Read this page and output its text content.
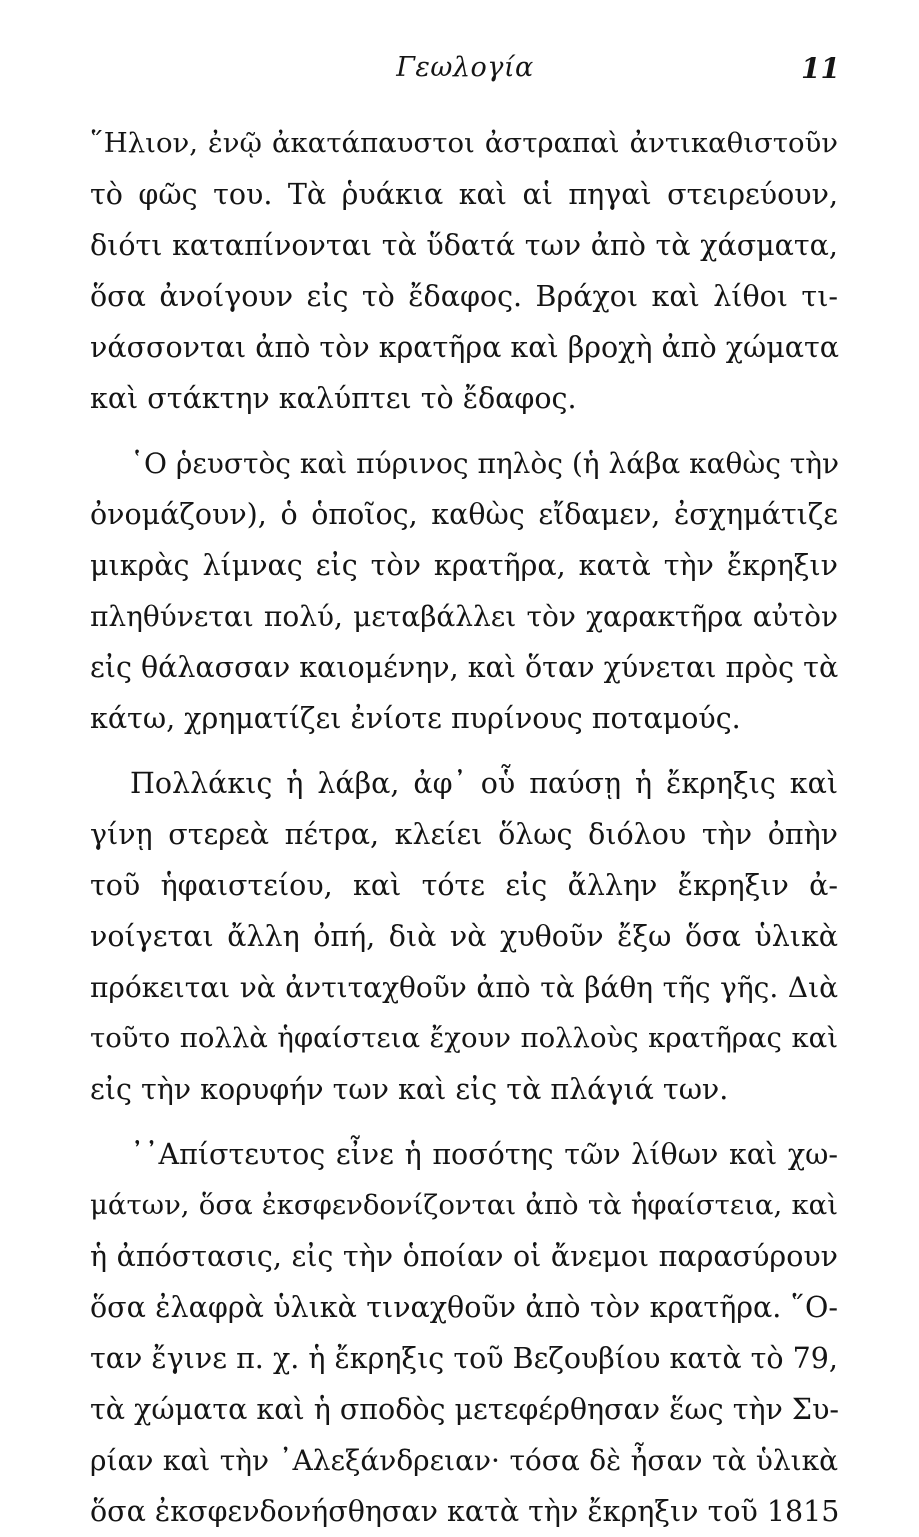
Γεωλογία	11
῞Ηλιον, ἐνῷ ἀκατάπαυστοι ἀστραπαὶ ἀντικαθιστοῦν
τὸ φῶς του. Τὰ ῥυάκια καὶ αἱ πηγαὶ στειρεύουν,
διότι καταπίνονται τὰ ὕδατά των ἀπὸ τὰ χάσματα,
ὅσα ἀνοίγουν εἰς τὸ ἔδαφος. Βράχοι καὶ λίθοι τι-
νάσσονται ἀπὸ τὸν κρατῆρα καὶ βροχὴ ἀπὸ χώματα
καὶ στάκτην καλύπτει τὸ ἔδαφος.
῾Ο ῥευστὸς καὶ πύρινος πηλὸς (ἡ λάβα καθὼς τὴν
ὀνομάζουν), ὁ ὁποῖος, καθὼς εἴδαμεν, ἐσχημάτιζε
μικρὰς λίμνας εἰς τὸν κρατῆρα, κατὰ τὴν ἔκρηξιν
πληθύνεται πολύ, μεταβάλλει τὸν χαρακτῆρα αὐτὸν
εἰς θάλασσαν καιομένην, καὶ ὅταν χύνεται πρὸς τὰ
κάτω, χρηματίζει ἐνίοτε πυρίνους ποταμούς.
Πολλάκις ἡ λάβα, ἀφ᾽ οὗ παύσῃ ἡ ἔκρηξις καὶ
γίνῃ στερεὰ πέτρα, κλείει ὅλως διόλου τὴν ὀπὴν
τοῦ ἡφαιστείου, καὶ τότε εἰς ἄλλην ἔκρηξιν ἀ-
νοίγεται ἄλλη ὀπή, διὰ νὰ χυθοῦν ἔξω ὅσα ὑλικὰ
πρόκειται νὰ ἀντιταχθοῦν ἀπὸ τὰ βάθη τῆς γῆς. Διὰ
τοῦτο πολλὰ ἡφαίστεια ἔχουν πολλοὺς κρατῆρας καὶ
εἰς τὴν κορυφήν των καὶ εἰς τὰ πλάγιά των.
᾽᾽Απίστευτος εἶνε ἡ ποσότης τῶν λίθων καὶ χω-
μάτων, ὅσα ἐκσφενδονίζονται ἀπὸ τὰ ἡφαίστεια, καὶ
ἡ ἀπόστασις, εἰς τὴν ὁποίαν οἱ ἄνεμοι παρασύρουν
ὅσα ἐλαφρὰ ὑλικὰ τιναχθοῦν ἀπὸ τὸν κρατῆρα. ῞Ο-
ταν ἔγινε π. χ. ἡ ἔκρηξις τοῦ Βεζουβίου κατὰ τὸ 79,
τὰ χώματα καὶ ἡ σποδὸς μετεφέρθησαν ἕως τὴν Συ-
ρίαν καὶ τὴν ᾽Αλεξάνδρειαν· τόσα δὲ ἦσαν τὰ ὑλικὰ
ὅσα ἐκσφενδονήσθησαν κατὰ τὴν ἔκρηξιν τοῦ 1815
